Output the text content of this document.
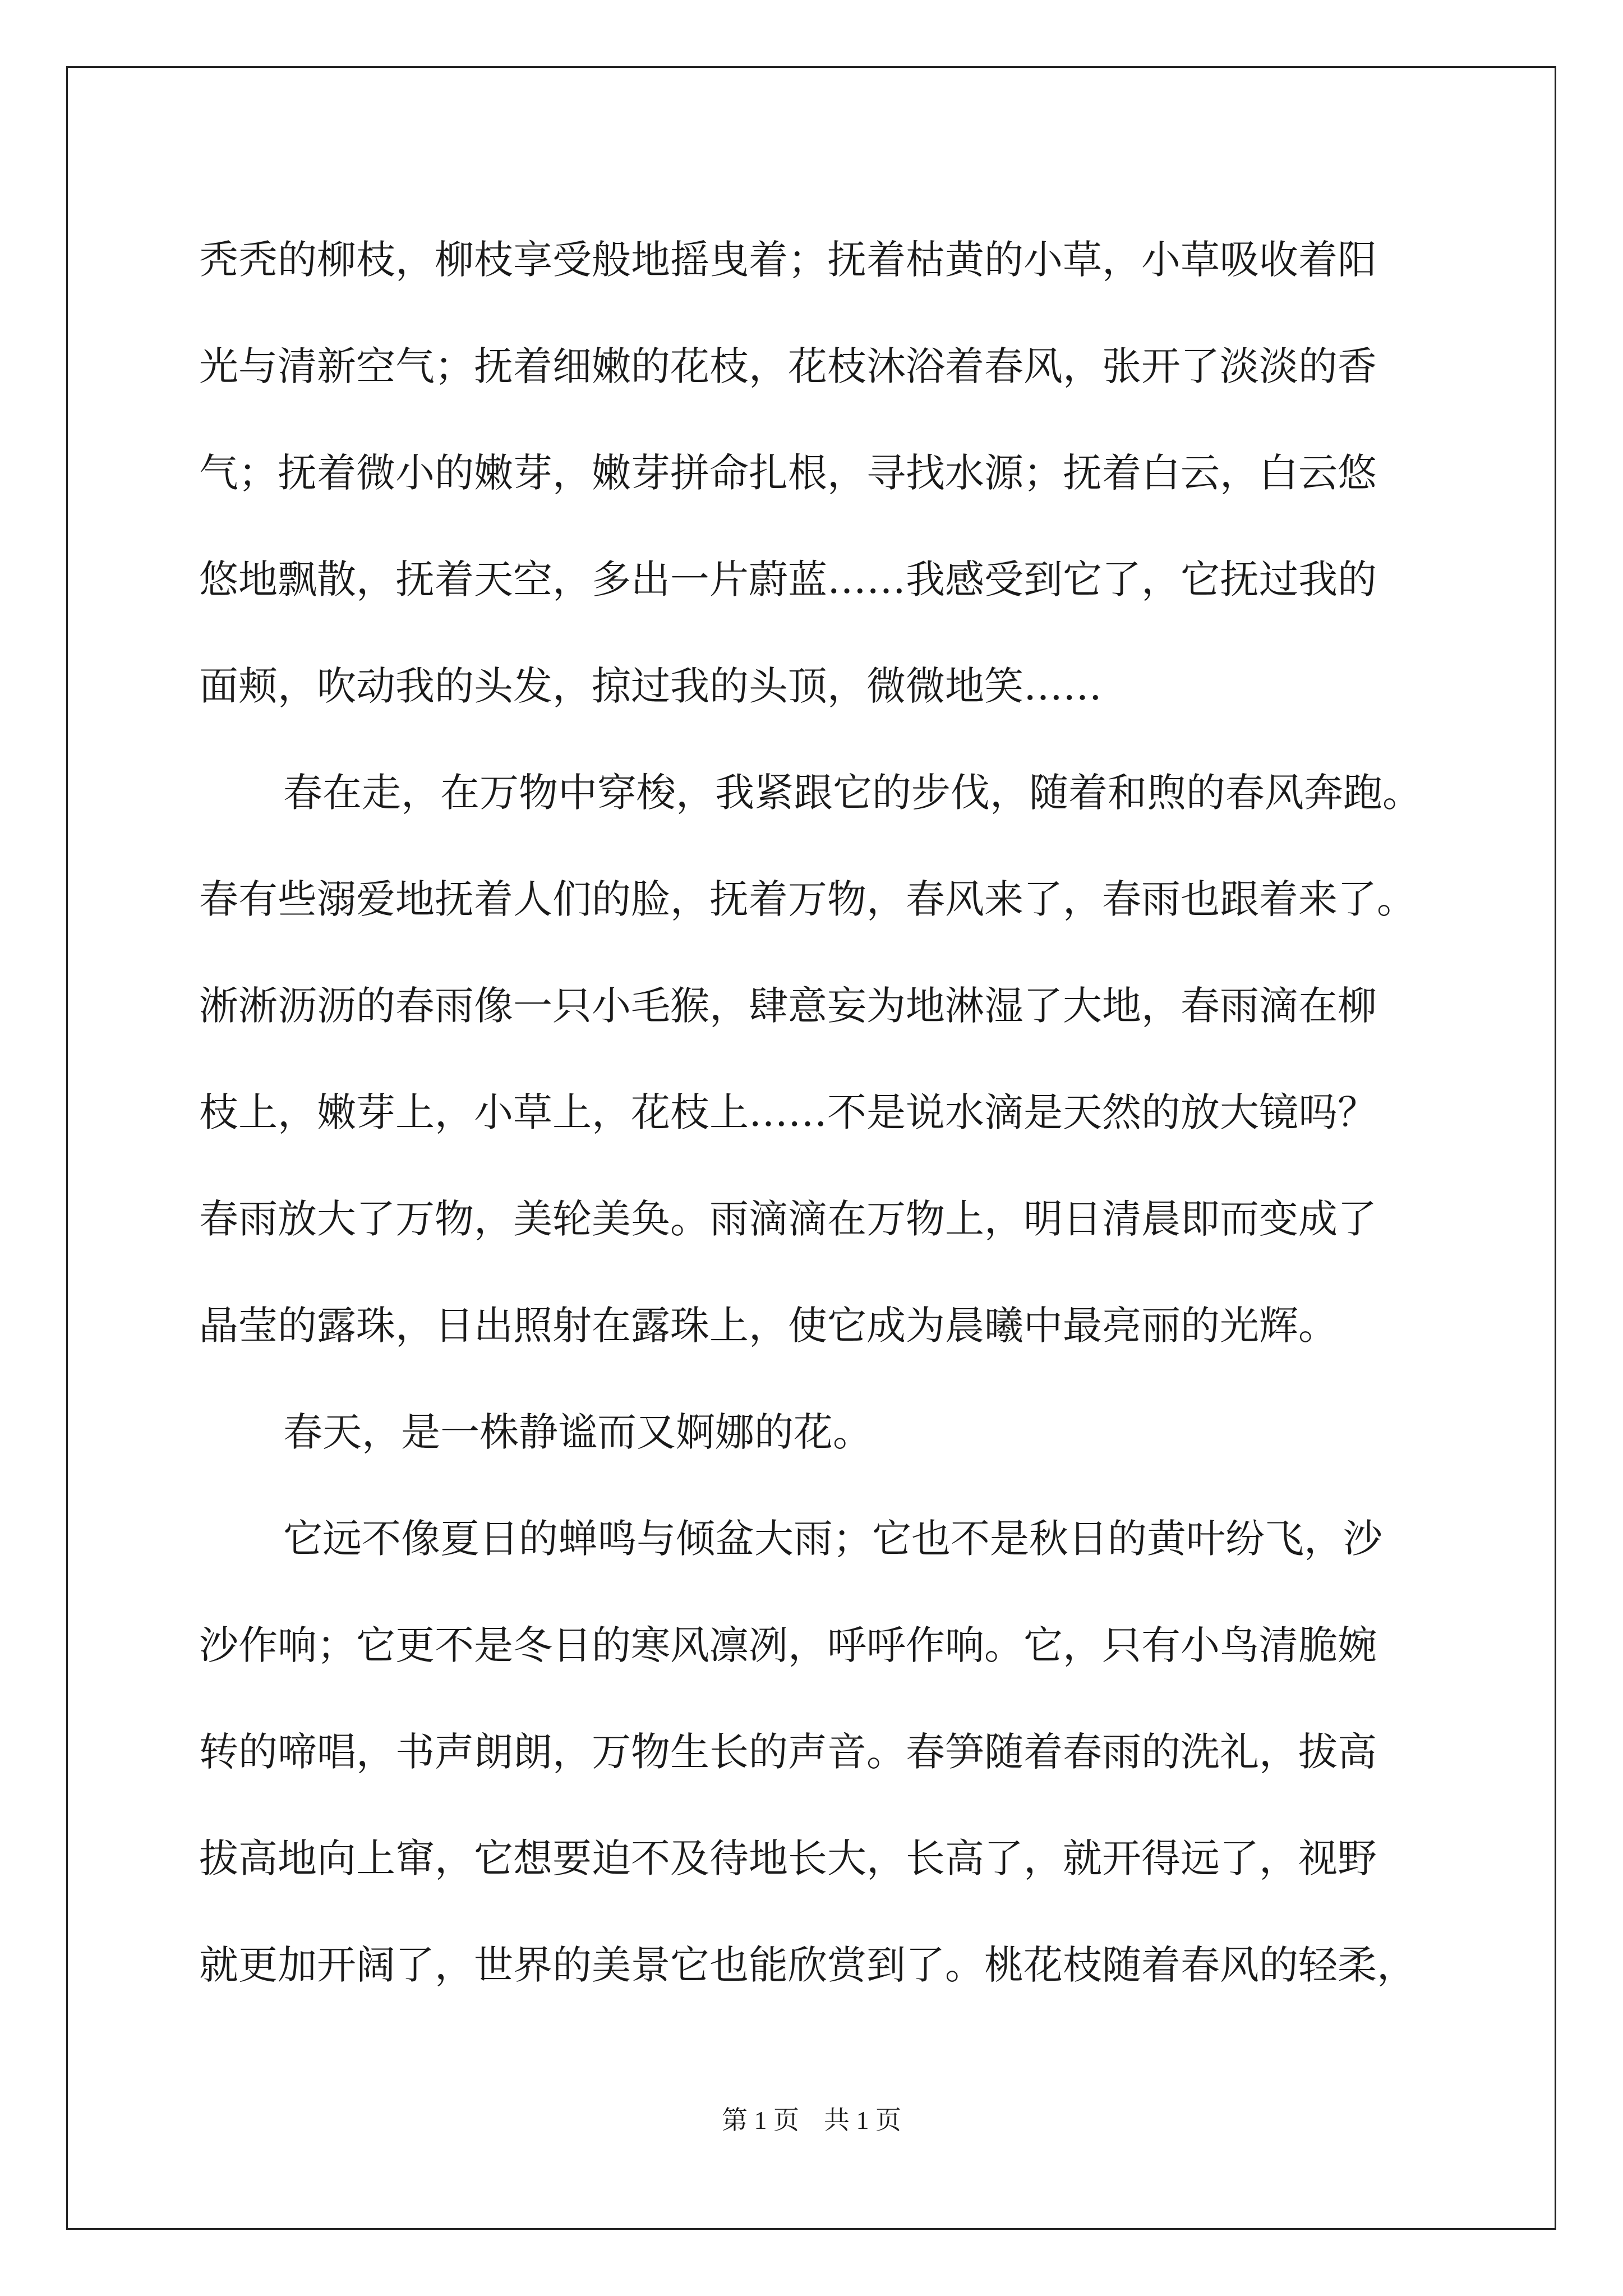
秃秃的柳枝，柳枝享受般地摇曳着；抚着枯黄的小草，小草吸收着阳
光与清新空气；抚着细嫩的花枝，花枝沐浴着春风，张开了淡淡的香
气；抚着微小的嫩芽，嫩芽拼命扎根，寻找水源；抚着白云，白云悠
悠地飘散，抚着天空，多出一片蔚蓝……我感受到它了，它抚过我的
面颊，吹动我的头发，掠过我的头顶，微微地笑……
春在走，在万物中穿梭，我紧跟它的步伐，随着和煦的春风奔跑。
春有些溺爱地抚着人们的脸，抚着万物，春风来了，春雨也跟着来了。
淅淅沥沥的春雨像一只小毛猴，肆意妄为地淋湿了大地，春雨滴在柳
枝上，嫩芽上，小草上，花枝上……不是说水滴是天然的放大镜吗？
春雨放大了万物，美轮美奂。雨滴滴在万物上，明日清晨即而变成了
晶莹的露珠，日出照射在露珠上，使它成为晨曦中最亮丽的光辉。
春天，是一株静谧而又婀娜的花。
它远不像夏日的蝉鸣与倾盆大雨；它也不是秋日的黄叶纷飞，沙
沙作响；它更不是冬日的寒风凛冽，呼呼作响。它，只有小鸟清脆婉
转的啼唱，书声朗朗，万物生长的声音。春笋随着春雨的洗礼，拔高
拔高地向上窜，它想要迫不及待地长大，长高了，就开得远了，视野
就更加开阔了，世界的美景它也能欣赏到了。桃花枝随着春风的轻柔，
第 1 页 共 1 页
